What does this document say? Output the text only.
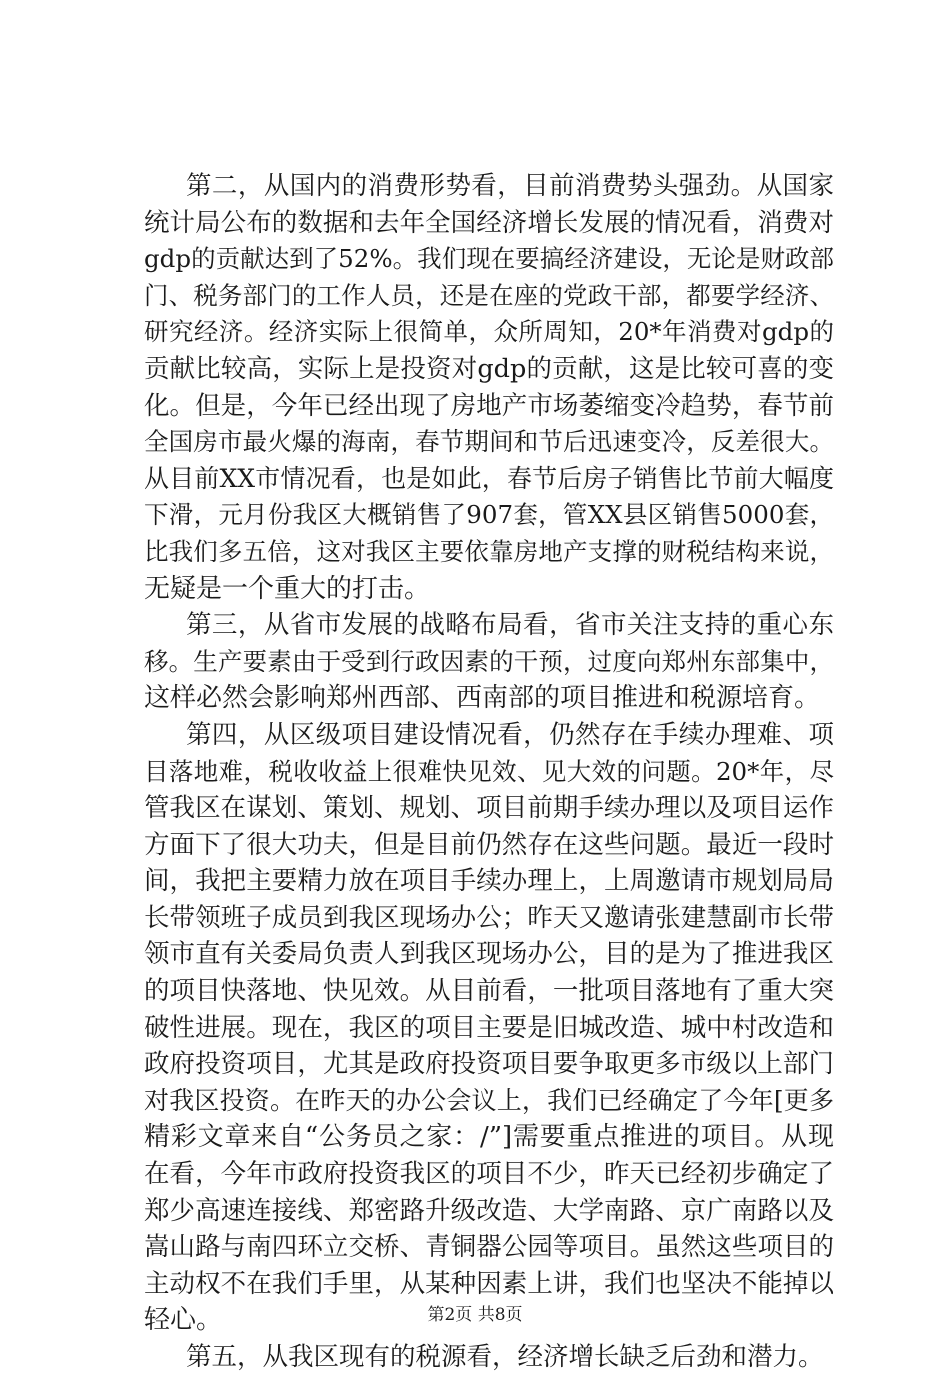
第二，从国内的消费形势看，目前消费势头强劲。从国家
统计局公布的数据和去年全国经济增长发展的情况看，消费对
gdp的贡献达到了52%。我们现在要搞经济建设，无论是财政部
门、税务部门的工作人员，还是在座的党政干部，都要学经济、
研究经济。经济实际上很简单，众所周知，20*年消费对gdp的
贡献比较高，实际上是投资对gdp的贡献，这是比较可喜的变
化。但是，今年已经出现了房地产市场萎缩变冷趋势，春节前
全国房市最火爆的海南，春节期间和节后迅速变冷，反差很大。
从目前XX市情况看，也是如此，春节后房子销售比节前大幅度
下滑，元月份我区大概销售了907套，管XX县区销售5000套，
比我们多五倍，这对我区主要依靠房地产支撑的财税结构来说，
无疑是一个重大的打击。
第三，从省市发展的战略布局看，省市关注支持的重心东
移。生产要素由于受到行政因素的干预，过度向郑州东部集中，
这样必然会影响郑州西部、西南部的项目推进和税源培育。
第四，从区级项目建设情况看，仍然存在手续办理难、项
目落地难，税收收益上很难快见效、见大效的问题。20*年，尽
管我区在谋划、策划、规划、项目前期手续办理以及项目运作
方面下了很大功夫，但是目前仍然存在这些问题。最近一段时
间，我把主要精力放在项目手续办理上，上周邀请市规划局局
长带领班子成员到我区现场办公；昨天又邀请张建慧副市长带
领市直有关委局负责人到我区现场办公，目的是为了推进我区
的项目快落地、快见效。从目前看，一批项目落地有了重大突
破性进展。现在，我区的项目主要是旧城改造、城中村改造和
政府投资项目，尤其是政府投资项目要争取更多市级以上部门
对我区投资。在昨天的办公会议上，我们已经确定了今年[更多
精彩文章来自“公务员之家：/”]需要重点推进的项目。从现
在看，今年市政府投资我区的项目不少，昨天已经初步确定了
郑少高速连接线、郑密路升级改造、大学南路、京广南路以及
嵩山路与南四环立交桥、青铜器公园等项目。虽然这些项目的
主动权不在我们手里，从某种因素上讲，我们也坚决不能掉以
轻心。
第五，从我区现有的税源看，经济增长缺乏后劲和潜力。
第2页 共8页
